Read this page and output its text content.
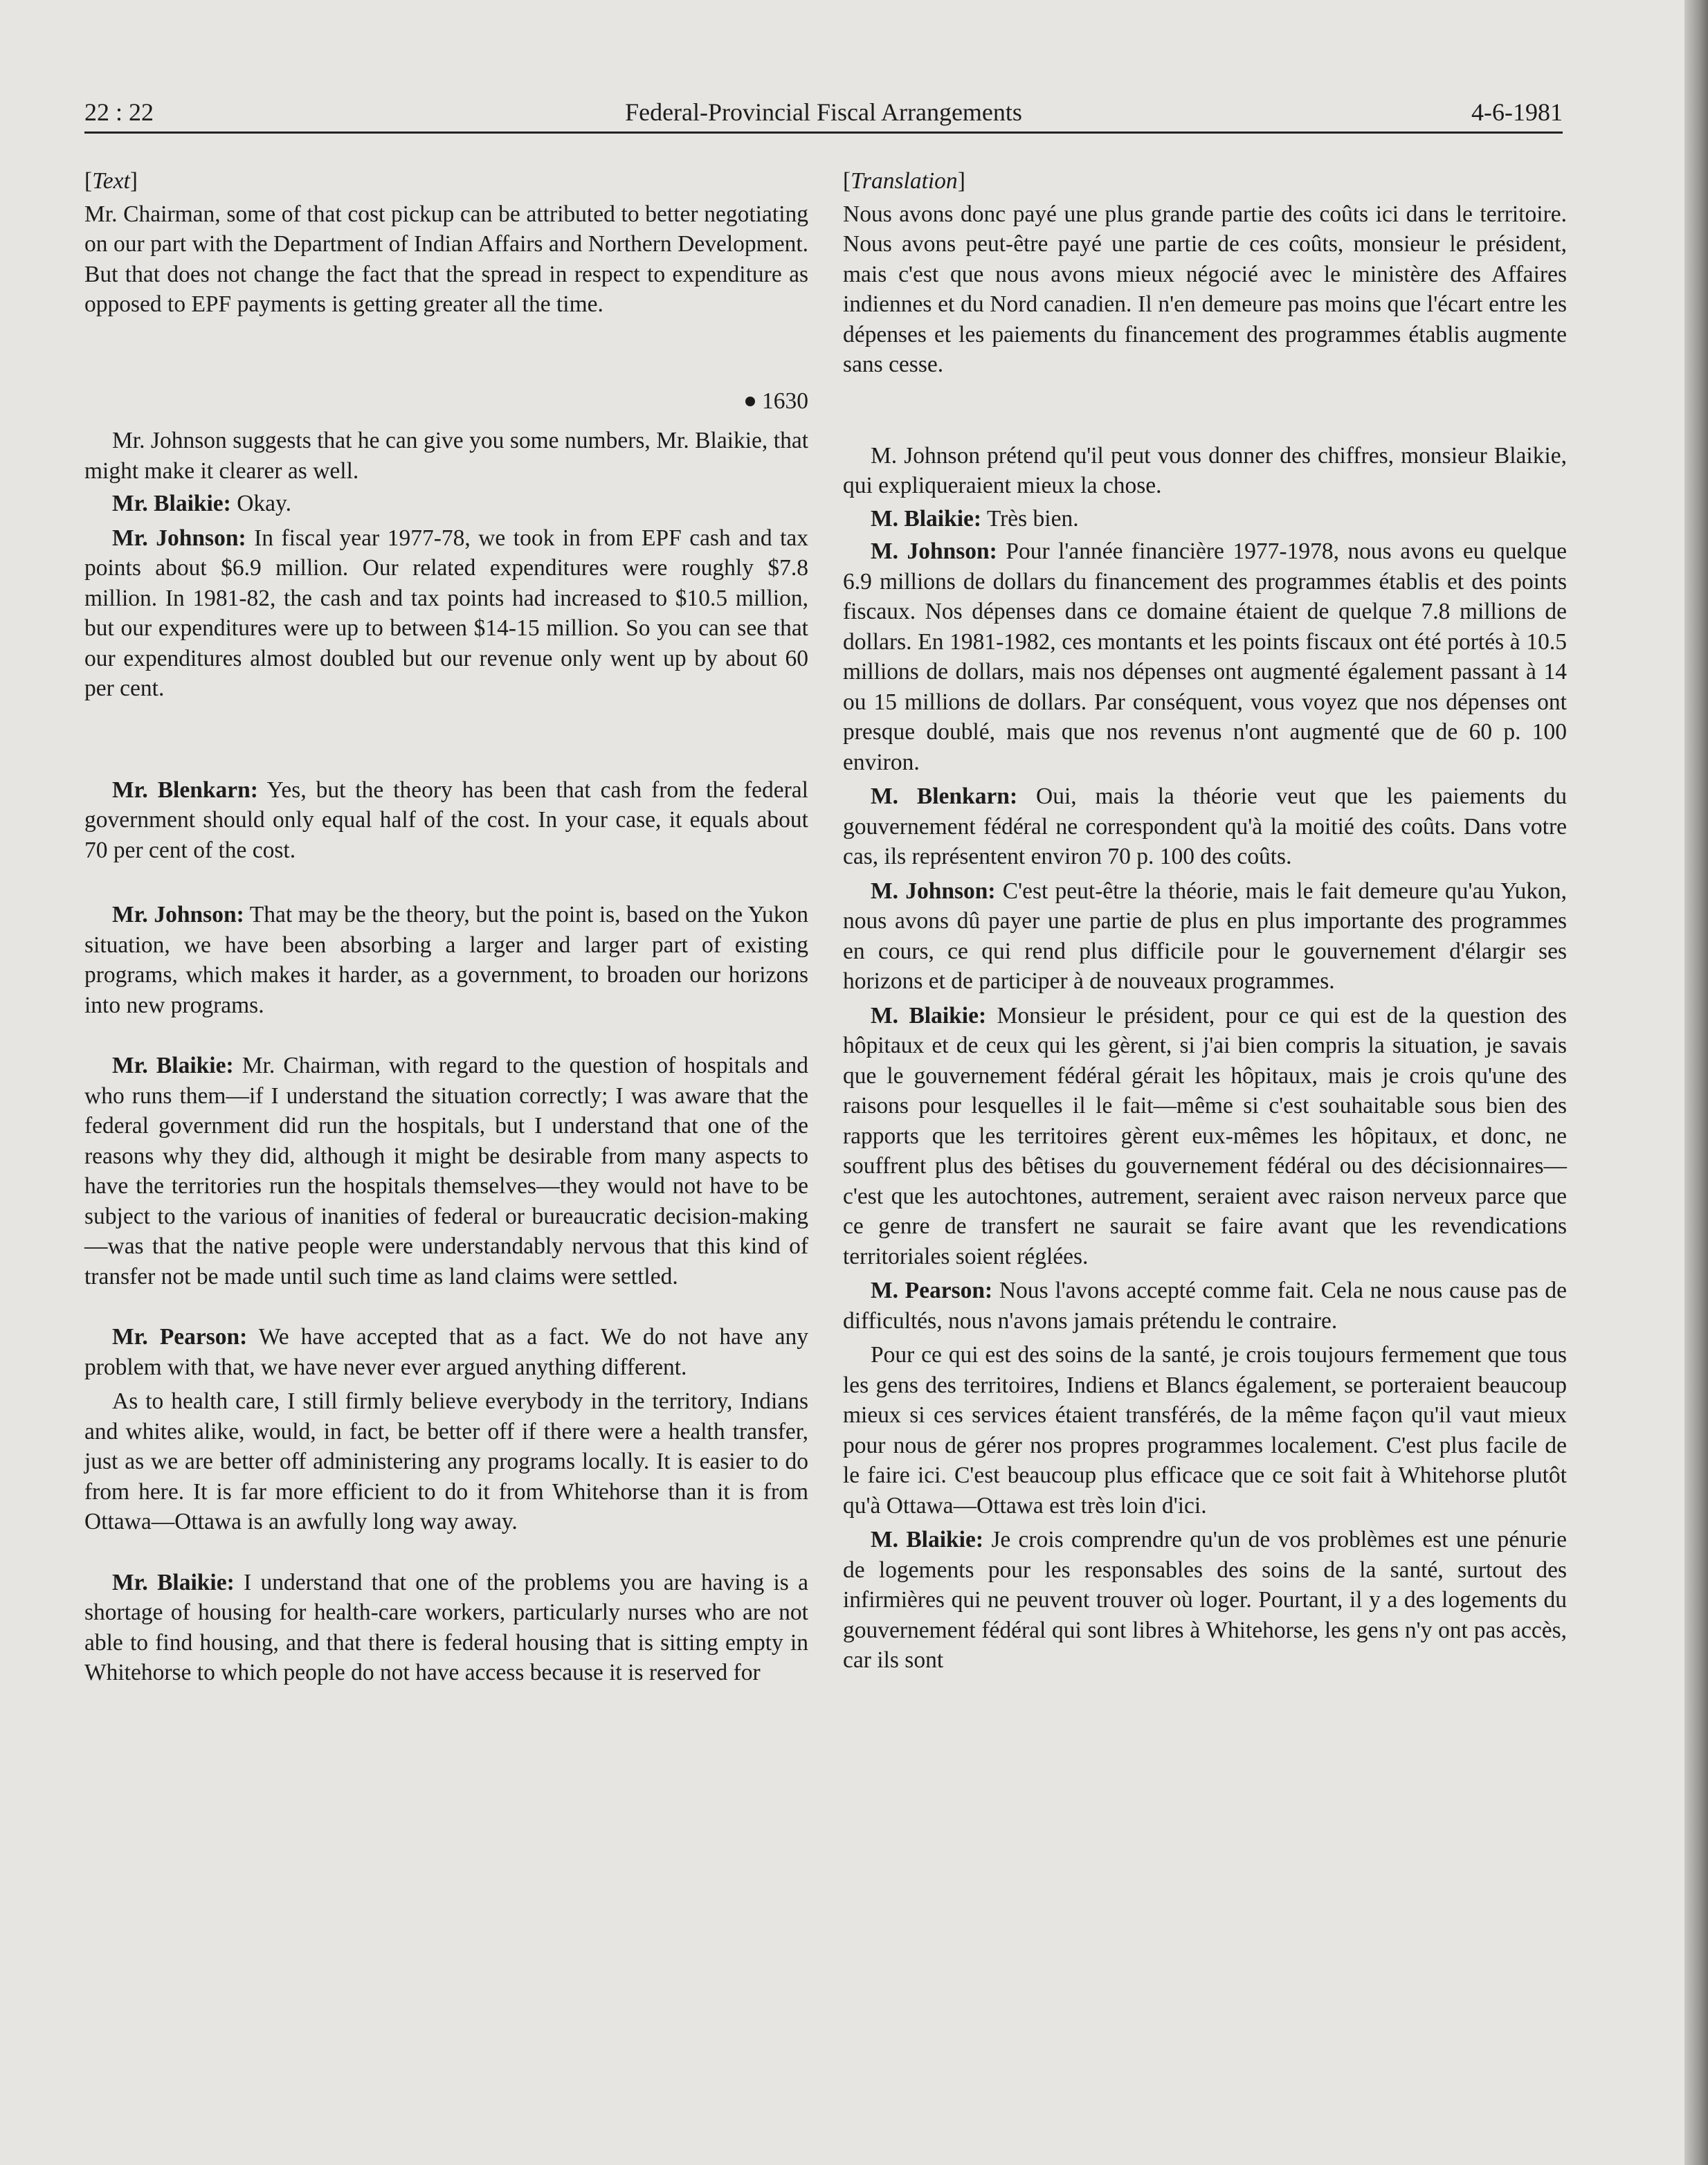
22 : 22	Federal-Provincial Fiscal Arrangements	4-6-1981
[ Text ]

Mr. Chairman, some of that cost pickup can be attributed to better negotiating on our part with the Department of Indian Affairs and Northern Development. But that does not change the fact that the spread in respect to expenditure as opposed to EPF payments is getting greater all the time.

1630

Mr. Johnson suggests that he can give you some numbers, Mr. Blaikie, that might make it clearer as well.

Mr. Blaikie: Okay.

Mr. Johnson: In fiscal year 1977-78, we took in from EPF cash and tax points about $6.9 million. Our related expenditures were roughly $7.8 million. In 1981-82, the cash and tax points had increased to $10.5 million, but our expenditures were up to between $14-15 million. So you can see that our expenditures almost doubled but our revenue only went up by about 60 per cent.

Mr. Blenkarn: Yes, but the theory has been that cash from the federal government should only equal half of the cost. In your case, it equals about 70 per cent of the cost.

Mr. Johnson: That may be the theory, but the point is, based on the Yukon situation, we have been absorbing a larger and larger part of existing programs, which makes it harder, as a government, to broaden our horizons into new programs.

Mr. Blaikie: Mr. Chairman, with regard to the question of hospitals and who runs them—if I understand the situation correctly; I was aware that the federal government did run the hospitals, but I understand that one of the reasons why they did, although it might be desirable from many aspects to have the territories run the hospitals themselves—they would not have to be subject to the various of inanities of federal or bureaucratic decision-making—was that the native people were understandably nervous that this kind of transfer not be made until such time as land claims were settled.

Mr. Pearson: We have accepted that as a fact. We do not have any problem with that, we have never ever argued anything different.

As to health care, I still firmly believe everybody in the territory, Indians and whites alike, would, in fact, be better off if there were a health transfer, just as we are better off administering any programs locally. It is easier to do from here. It is far more efficient to do it from Whitehorse than it is from Ottawa—Ottawa is an awfully long way away.

Mr. Blaikie: I understand that one of the problems you are having is a shortage of housing for health-care workers, particularly nurses who are not able to find housing, and that there is federal housing that is sitting empty in Whitehorse to which people do not have access because it is reserved for

[ Translation ]

Nous avons donc payé une plus grande partie des coûts ici dans le territoire. Nous avons peut-être payé une partie de ces coûts, monsieur le président, mais c'est que nous avons mieux négocié avec le ministère des Affaires indiennes et du Nord canadien. Il n'en demeure pas moins que l'écart entre les dépenses et les paiements du financement des programmes établis augmente sans cesse.

M. Johnson prétend qu'il peut vous donner des chiffres, monsieur Blaikie, qui expliqueraient mieux la chose.

M. Blaikie: Très bien.

M. Johnson: Pour l'année financière 1977-1978, nous avons eu quelque 6.9 millions de dollars du financement des programmes établis et des points fiscaux. Nos dépenses dans ce domaine étaient de quelque 7.8 millions de dollars. En 1981-1982, ces montants et les points fiscaux ont été portés à 10.5 millions de dollars, mais nos dépenses ont augmenté également passant à 14 ou 15 millions de dollars. Par conséquent, vous voyez que nos dépenses ont presque doublé, mais que nos revenus n'ont augmenté que de 60 p. 100 environ.

M. Blenkarn: Oui, mais la théorie veut que les paiements du gouvernement fédéral ne correspondent qu'à la moitié des coûts. Dans votre cas, ils représentent environ 70 p. 100 des coûts.

M. Johnson: C'est peut-être la théorie, mais le fait demeure qu'au Yukon, nous avons dû payer une partie de plus en plus importante des programmes en cours, ce qui rend plus difficile pour le gouvernement d'élargir ses horizons et de participer à de nouveaux programmes.

M. Blaikie: Monsieur le président, pour ce qui est de la question des hôpitaux et de ceux qui les gèrent, si j'ai bien compris la situation, je savais que le gouvernement fédéral gérait les hôpitaux, mais je crois qu'une des raisons pour lesquelles il le fait—même si c'est souhaitable sous bien des rapports que les territoires gèrent eux-mêmes les hôpitaux, et donc, ne souffrent plus des bêtises du gouvernement fédéral ou des décisionnaires—c'est que les autochtones, autrement, seraient avec raison nerveux parce que ce genre de transfert ne saurait se faire avant que les revendications territoriales soient réglées.

M. Pearson: Nous l'avons accepté comme fait. Cela ne nous cause pas de difficultés, nous n'avons jamais prétendu le contraire.

Pour ce qui est des soins de la santé, je crois toujours fermement que tous les gens des territoires, Indiens et Blancs également, se porteraient beaucoup mieux si ces services étaient transférés, de la même façon qu'il vaut mieux pour nous de gérer nos propres programmes localement. C'est plus facile de le faire ici. C'est beaucoup plus efficace que ce soit fait à Whitehorse plutôt qu'à Ottawa—Ottawa est très loin d'ici.

M. Blaikie: Je crois comprendre qu'un de vos problèmes est une pénurie de logements pour les responsables des soins de la santé, surtout des infirmières qui ne peuvent trouver où loger. Pourtant, il y a des logements du gouvernement fédéral qui sont libres à Whitehorse, les gens n'y ont pas accès, car ils sont
